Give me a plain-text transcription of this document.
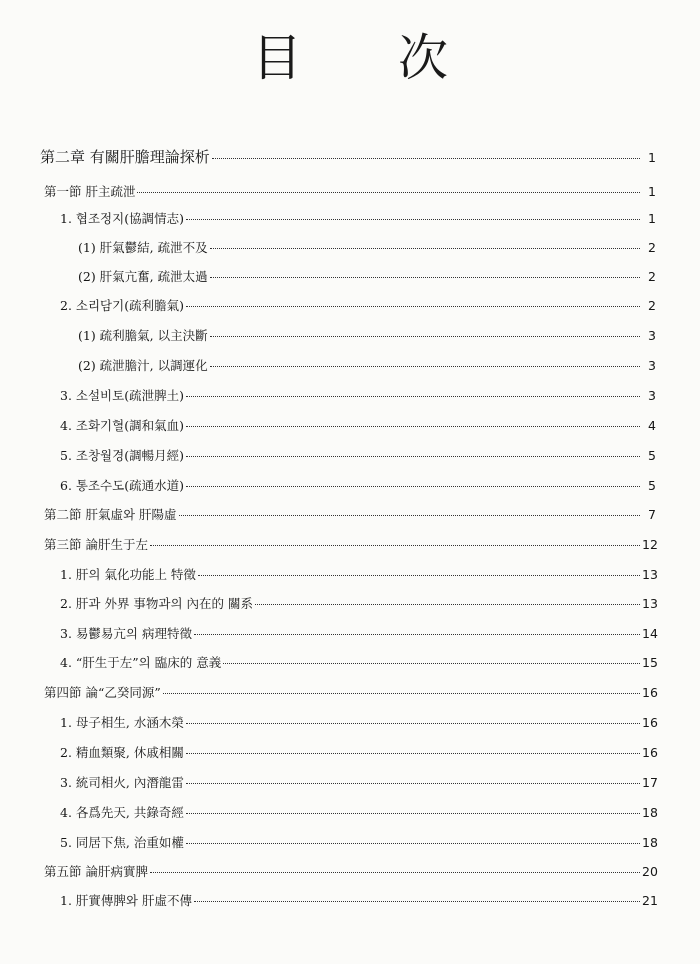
目 次
第二章 有關肝膽理論探析	1
第一節 肝主疏泄	1
1. 협조정지(協調情志)	1
(1) 肝氣鬱結, 疏泄不及	2
(2) 肝氣亢奮, 疏泄太過	2
2. 소리담기(疏利膽氣)	2
(1) 疏利膽氣, 以主決斷	3
(2) 疏泄膽汁, 以調運化	3
3. 소설비토(疏泄脾土)	3
4. 조화기혈(調和氣血)	4
5. 조창월경(調暢月經)	5
6. 통조수도(疏通水道)	5
第二節 肝氣虛와 肝陽虛	7
第三節 論肝生于左	12
1. 肝의 氣化功能上 特徵	13
2. 肝과 外界 事物과의 內在的 關系	13
3. 易鬱易亢의 病理特徵	14
4. “肝生于左”의 臨床的 意義	15
第四節 論“乙癸同源”	16
1. 母子相生, 水涵木榮	16
2. 精血類聚, 休戚相關	16
3. 統司相火, 內潛龍雷	17
4. 各爲先天, 共錄奇經	18
5. 同居下焦, 治重如權	18
第五節 論肝病實脾	20
1. 肝實傳脾와 肝虛不傳	21
